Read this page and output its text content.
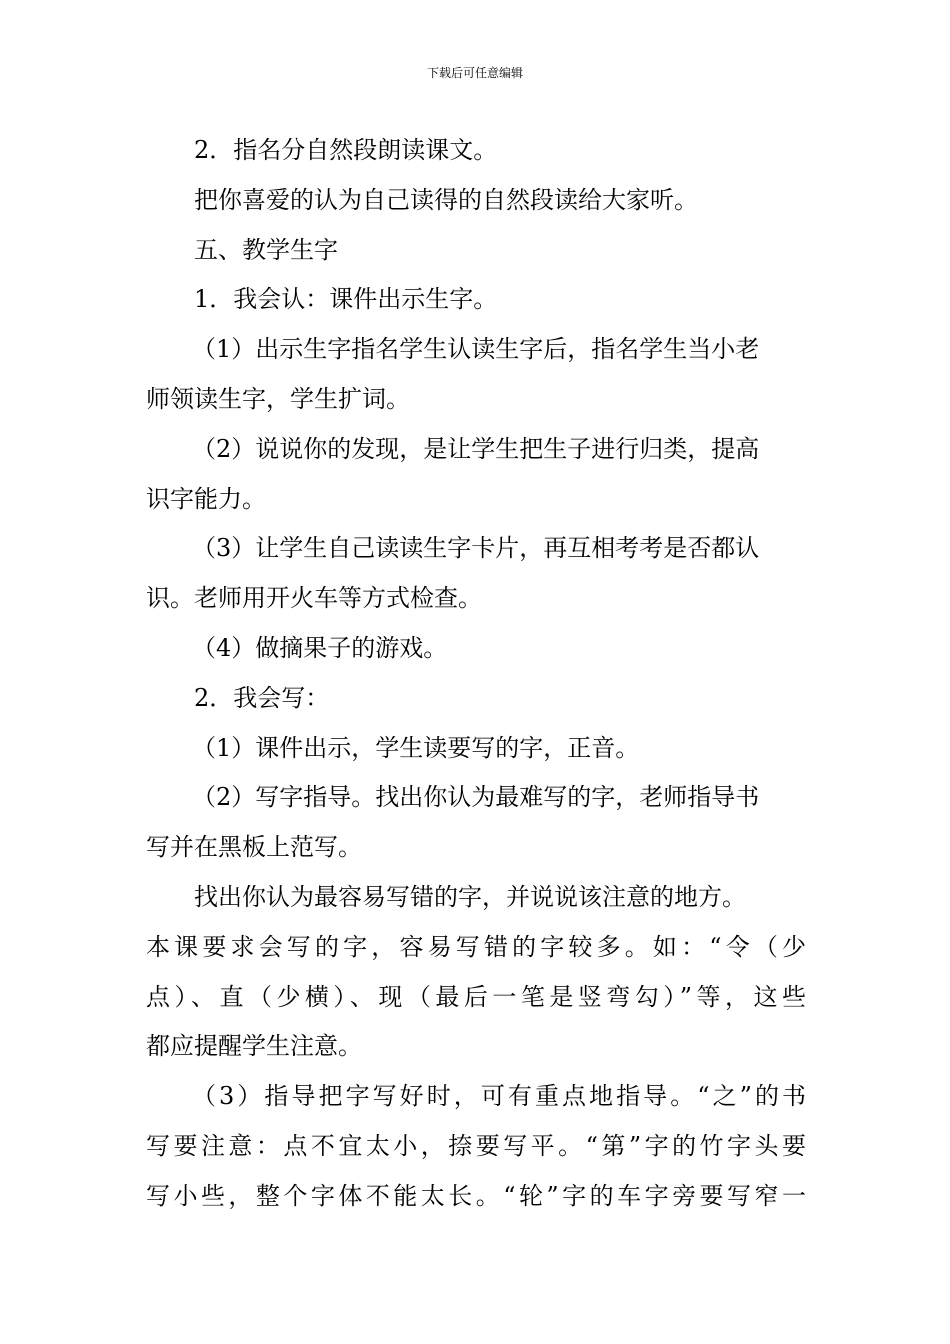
下载后可任意编辑

2．指名分自然段朗读课文。

把你喜爱的认为自己读得的自然段读给大家听。

五、教学生字

1．我会认：课件出示生字。

（1）出示生字指名学生认读生字后，指名学生当小老

师领读生字，学生扩词。

（2）说说你的发现，是让学生把生子进行归类，提高

识字能力。

（3）让学生自己读读生字卡片，再互相考考是否都认

识。老师用开火车等方式检查。

（4）做摘果子的游戏。

2．我会写：

（1）课件出示，学生读要写的字，正音。

（2）写字指导。找出你认为最难写的字，老师指导书

写并在黑板上范写。

找出你认为最容易写错的字，并说说该注意的地方。

本课要求会写的字，容易写错的字较多。如：“令（少

点）、直（少横）、现（最后一笔是竖弯勾）”等，这些

都应提醒学生注意。

（3）指导把字写好时，可有重点地指导。“之”的书

写要注意：点不宜太小，捺要写平。“第”字的竹字头要

写小些，整个字体不能太长。“轮”字的车字旁要写窄一
